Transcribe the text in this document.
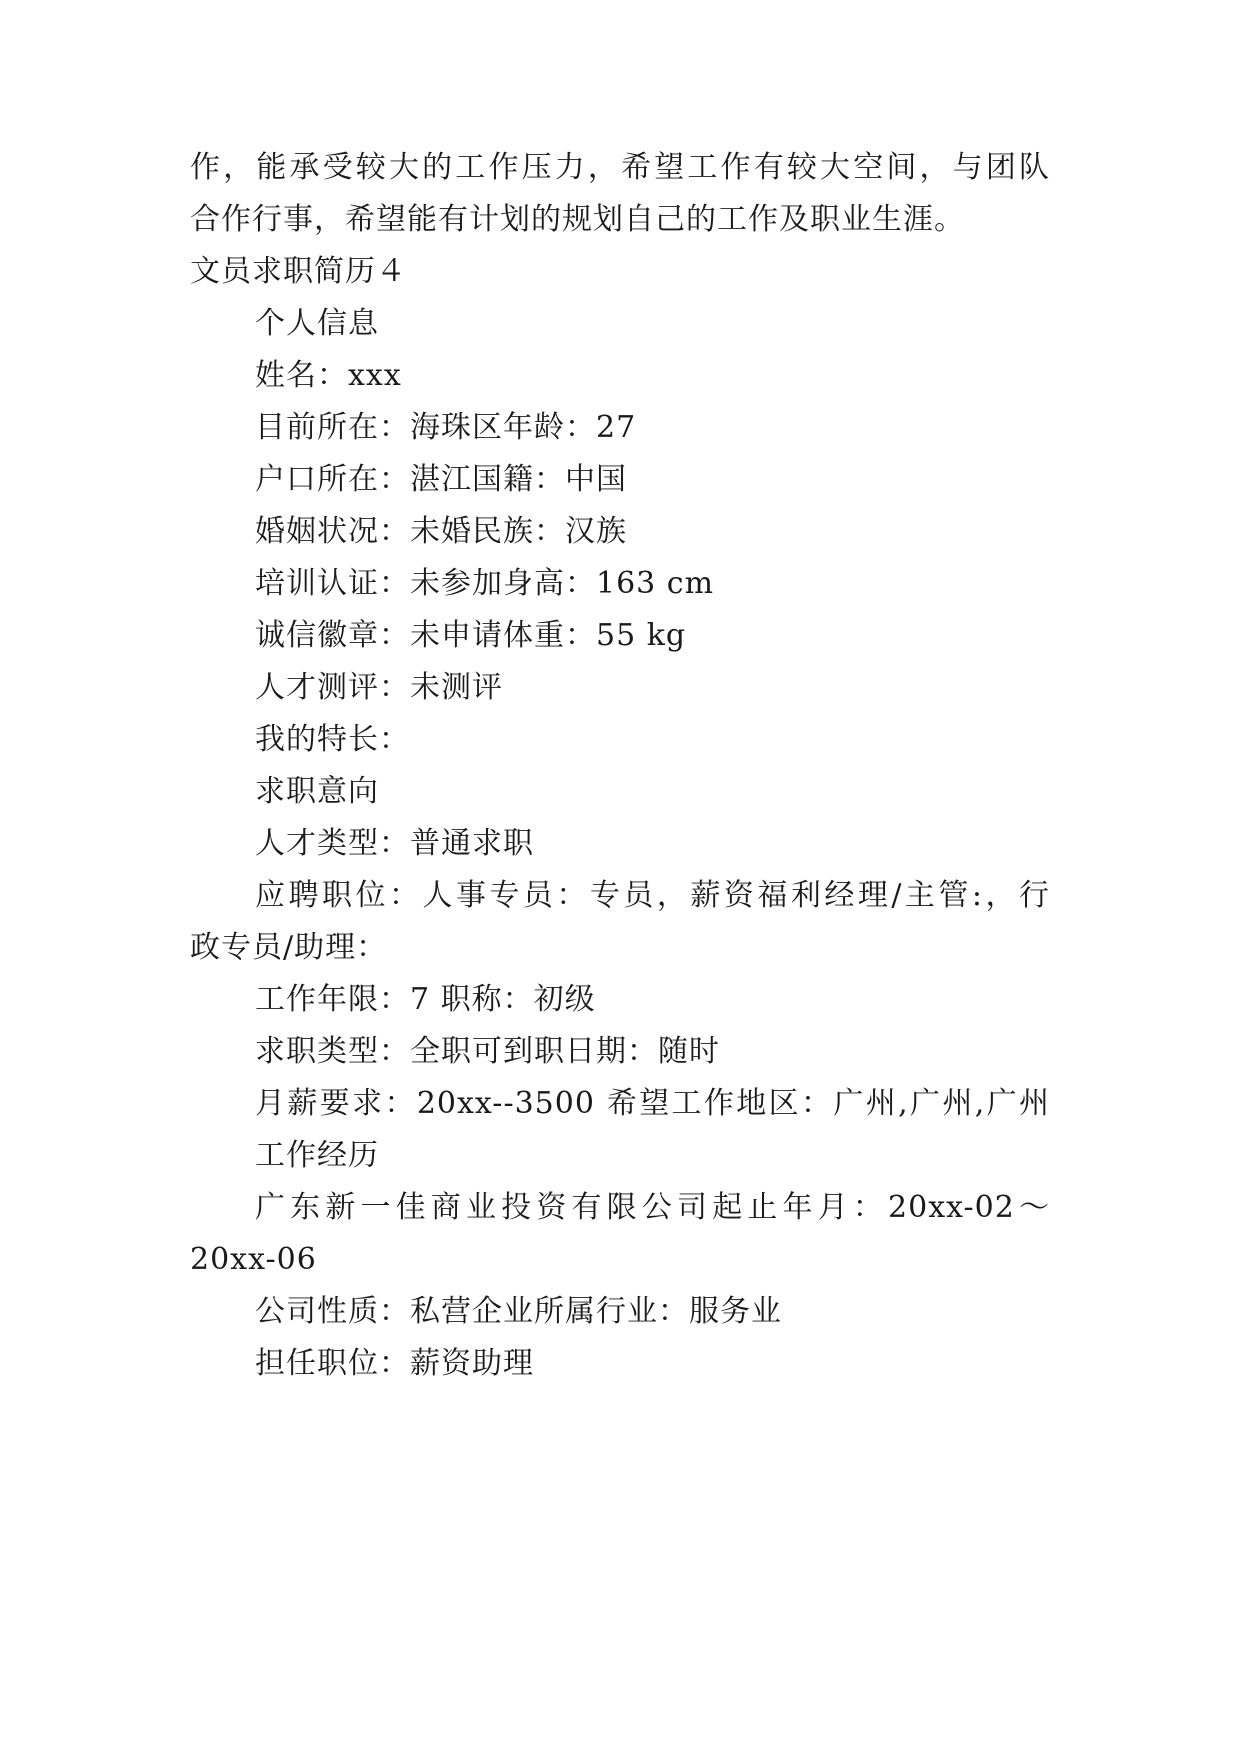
作，能承受较大的工作压力，希望工作有较大空间，与团队
合作行事，希望能有计划的规划自己的工作及职业生涯。
文员求职简历４
个人信息
姓名：xxx
目前所在：海珠区年龄：27
户口所在：湛江国籍：中国
婚姻状况：未婚民族：汉族
培训认证：未参加身高：163 cm
诚信徽章：未申请体重：55 kg
人才测评：未测评
我的特长：
求职意向
人才类型：普通求职
应聘职位：人事专员：专员，薪资福利经理/主管:，行
政专员/助理：
工作年限：7 职称：初级
求职类型：全职可到职日期：随时
月薪要求：20xx--3500 希望工作地区：广州,广州,广州
工作经历
广东新一佳商业投资有限公司起止年月：20xx-02～
20xx-06
公司性质：私营企业所属行业：服务业
担任职位：薪资助理
